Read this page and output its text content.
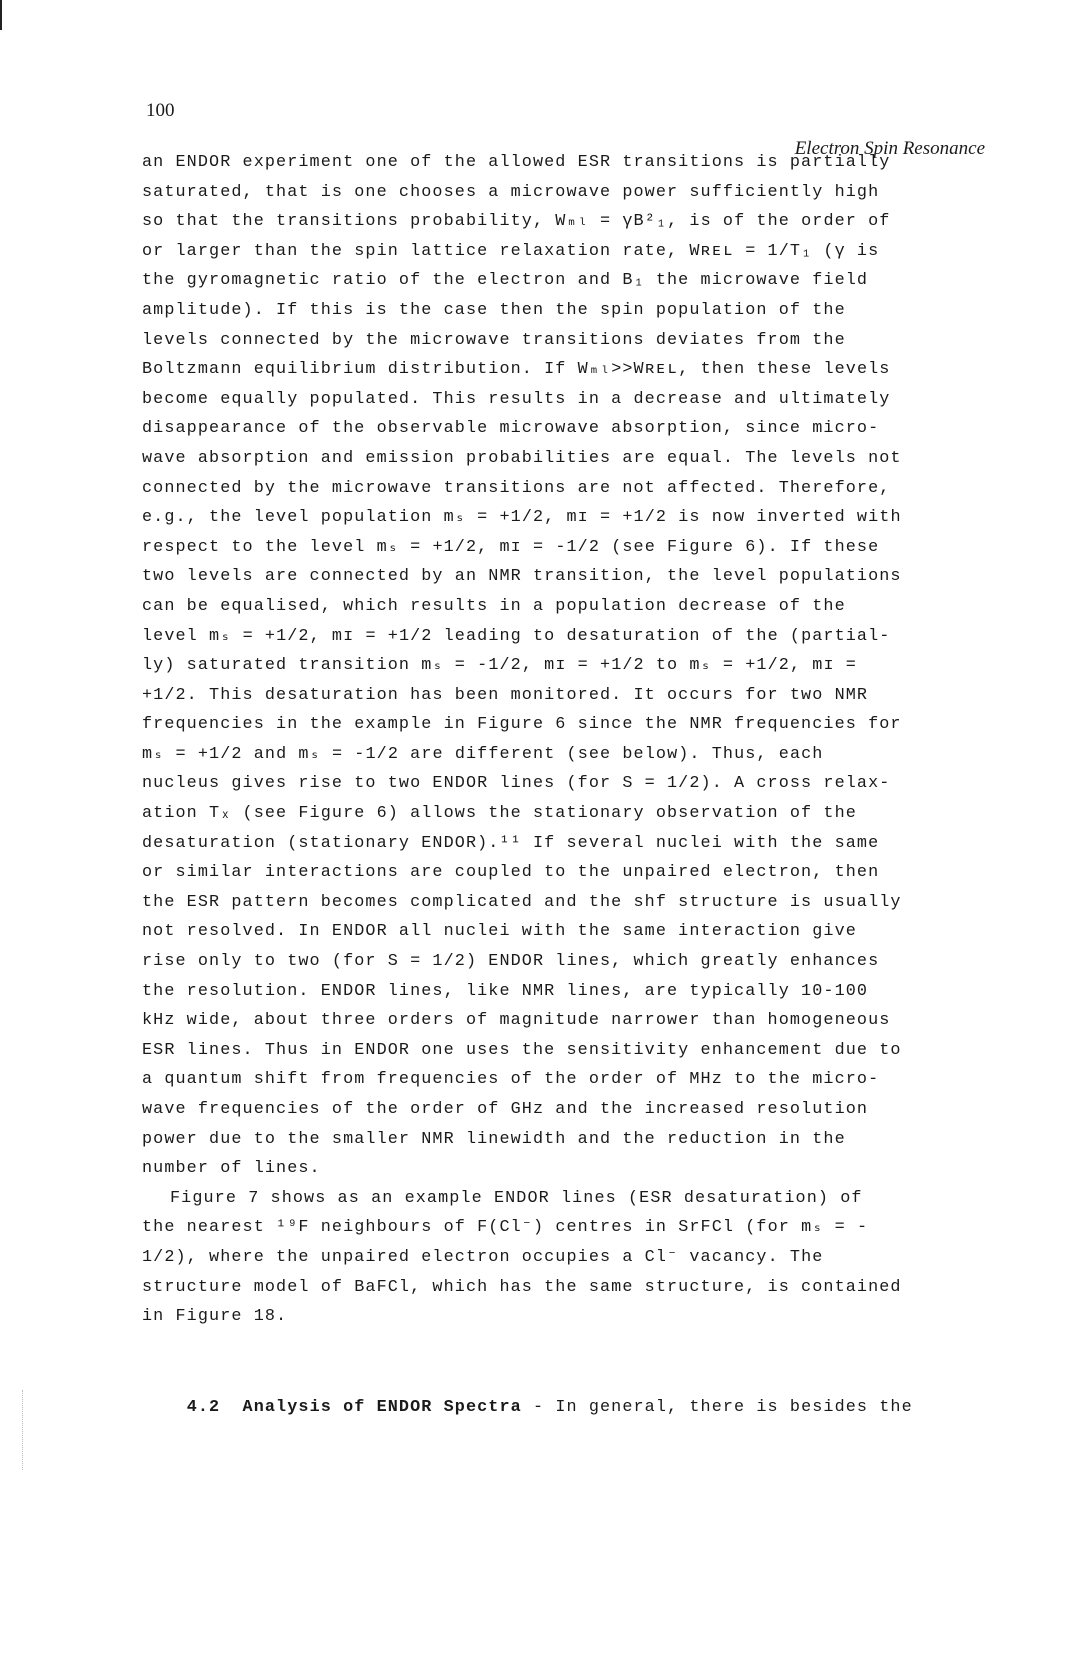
100
Electron Spin Resonance
an ENDOR experiment one of the allowed ESR transitions is partially
saturated, that is one chooses a microwave power sufficiently high
so that the transitions probability, Wₘₗ = γB²₁, is of the order of
or larger than the spin lattice relaxation rate, Wʀᴇʟ = 1/T₁ (γ is
the gyromagnetic ratio of the electron and B₁ the microwave field
amplitude). If this is the case then the spin population of the
levels connected by the microwave transitions deviates from the
Boltzmann equilibrium distribution. If Wₘₗ>>Wʀᴇʟ, then these levels
become equally populated. This results in a decrease and ultimately
disappearance of the observable microwave absorption, since micro-
wave absorption and emission probabilities are equal. The levels not
connected by the microwave transitions are not affected. Therefore,
e.g., the level population mₛ = +1/2, mɪ = +1/2 is now inverted with
respect to the level mₛ = +1/2, mɪ = -1/2 (see Figure 6). If these
two levels are connected by an NMR transition, the level populations
can be equalised, which results in a population decrease of the
level mₛ = +1/2, mɪ = +1/2 leading to desaturation of the (partial-
ly) saturated transition mₛ = -1/2, mɪ = +1/2 to mₛ = +1/2, mɪ =
+1/2. This desaturation has been monitored. It occurs for two NMR
frequencies in the example in Figure 6 since the NMR frequencies for
mₛ = +1/2 and mₛ = -1/2 are different (see below). Thus, each
nucleus gives rise to two ENDOR lines (for S = 1/2). A cross relax-
ation Tₓ (see Figure 6) allows the stationary observation of the
desaturation (stationary ENDOR).¹¹ If several nuclei with the same
or similar interactions are coupled to the unpaired electron, then
the ESR pattern becomes complicated and the shf structure is usually
not resolved. In ENDOR all nuclei with the same interaction give
rise only to two (for S = 1/2) ENDOR lines, which greatly enhances
the resolution. ENDOR lines, like NMR lines, are typically 10-100
kHz wide, about three orders of magnitude narrower than homogeneous
ESR lines. Thus in ENDOR one uses the sensitivity enhancement due to
a quantum shift from frequencies of the order of MHz to the micro-
wave frequencies of the order of GHz and the increased resolution
power due to the smaller NMR linewidth and the reduction in the
number of lines.
Figure 7 shows as an example ENDOR lines (ESR desaturation) of
the nearest ¹⁹F neighbours of F(Cl⁻) centres in SrFCl (for mₛ = -
1/2), where the unpaired electron occupies a Cl⁻ vacancy. The
structure model of BaFCl, which has the same structure, is contained
in Figure 18.

4.2 Analysis of ENDOR Spectra - In general, there is besides the
